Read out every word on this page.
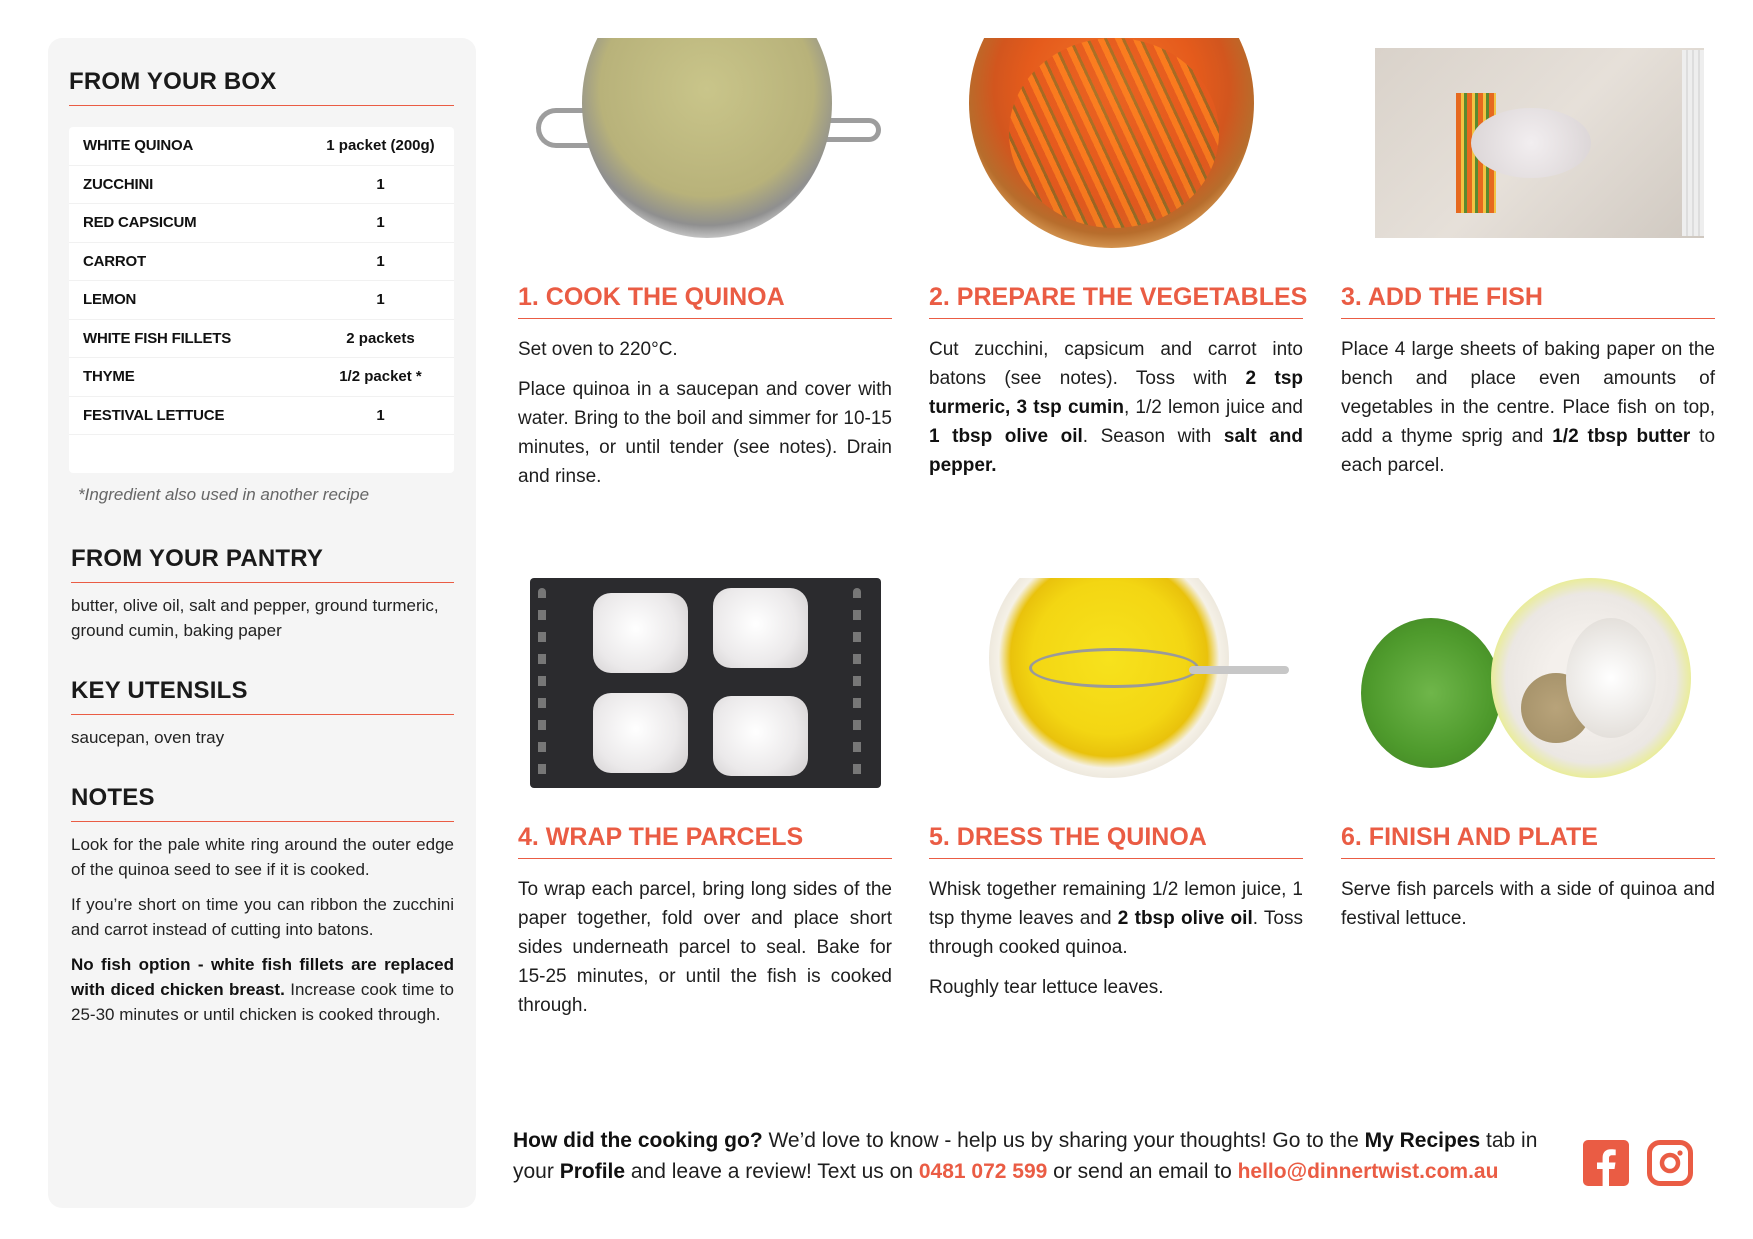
FROM YOUR BOX
WHITE QUINOA	1 packet (200g)
ZUCCHINI	1
RED CAPSICUM	1
CARROT	1
LEMON	1
WHITE FISH FILLETS	2 packets
THYME	1/2 packet *
FESTIVAL LETTUCE	1
*Ingredient also used in another recipe
FROM YOUR PANTRY
butter, olive oil, salt and pepper, ground turmeric, ground cumin, baking paper
KEY UTENSILS
saucepan, oven tray
NOTES

Look for the pale white ring around the outer edge of the quinoa seed to see if it is cooked.

If you’re short on time you can ribbon the zucchini and carrot instead of cutting into batons.

No fish option - white fish fillets are replaced with diced chicken breast. Increase cook time to 25-30 minutes or until chicken is cooked through.

1. COOK THE QUINOA

Set oven to 220°C.

Place quinoa in a saucepan and cover with water. Bring to the boil and simmer for 10-15 minutes, or until tender (see notes). Drain and rinse.

2. PREPARE THE VEGETABLES

Cut zucchini, capsicum and carrot into batons (see notes). Toss with 2 tsp turmeric, 3 tsp cumin, 1/2 lemon juice and 1 tbsp olive oil. Season with salt and pepper.

3. ADD THE FISH

Place 4 large sheets of baking paper on the bench and place even amounts of vegetables in the centre. Place fish on top, add a thyme sprig and 1/2 tbsp butter to each parcel.

4. WRAP THE PARCELS

To wrap each parcel, bring long sides of the paper together, fold over and place short sides underneath parcel to seal. Bake for 15-25 minutes, or until the fish is cooked through.

5. DRESS THE QUINOA

Whisk together remaining 1/2 lemon juice, 1 tsp thyme leaves and 2 tbsp olive oil. Toss through cooked quinoa.

Roughly tear lettuce leaves.

6. FINISH AND PLATE

Serve fish parcels with a side of quinoa and festival lettuce.

How did the cooking go? We’d love to know - help us by sharing your thoughts! Go to the My Recipes tab in your Profile and leave a review! Text us on 0481 072 599 or send an email to hello@dinnertwist.com.au
